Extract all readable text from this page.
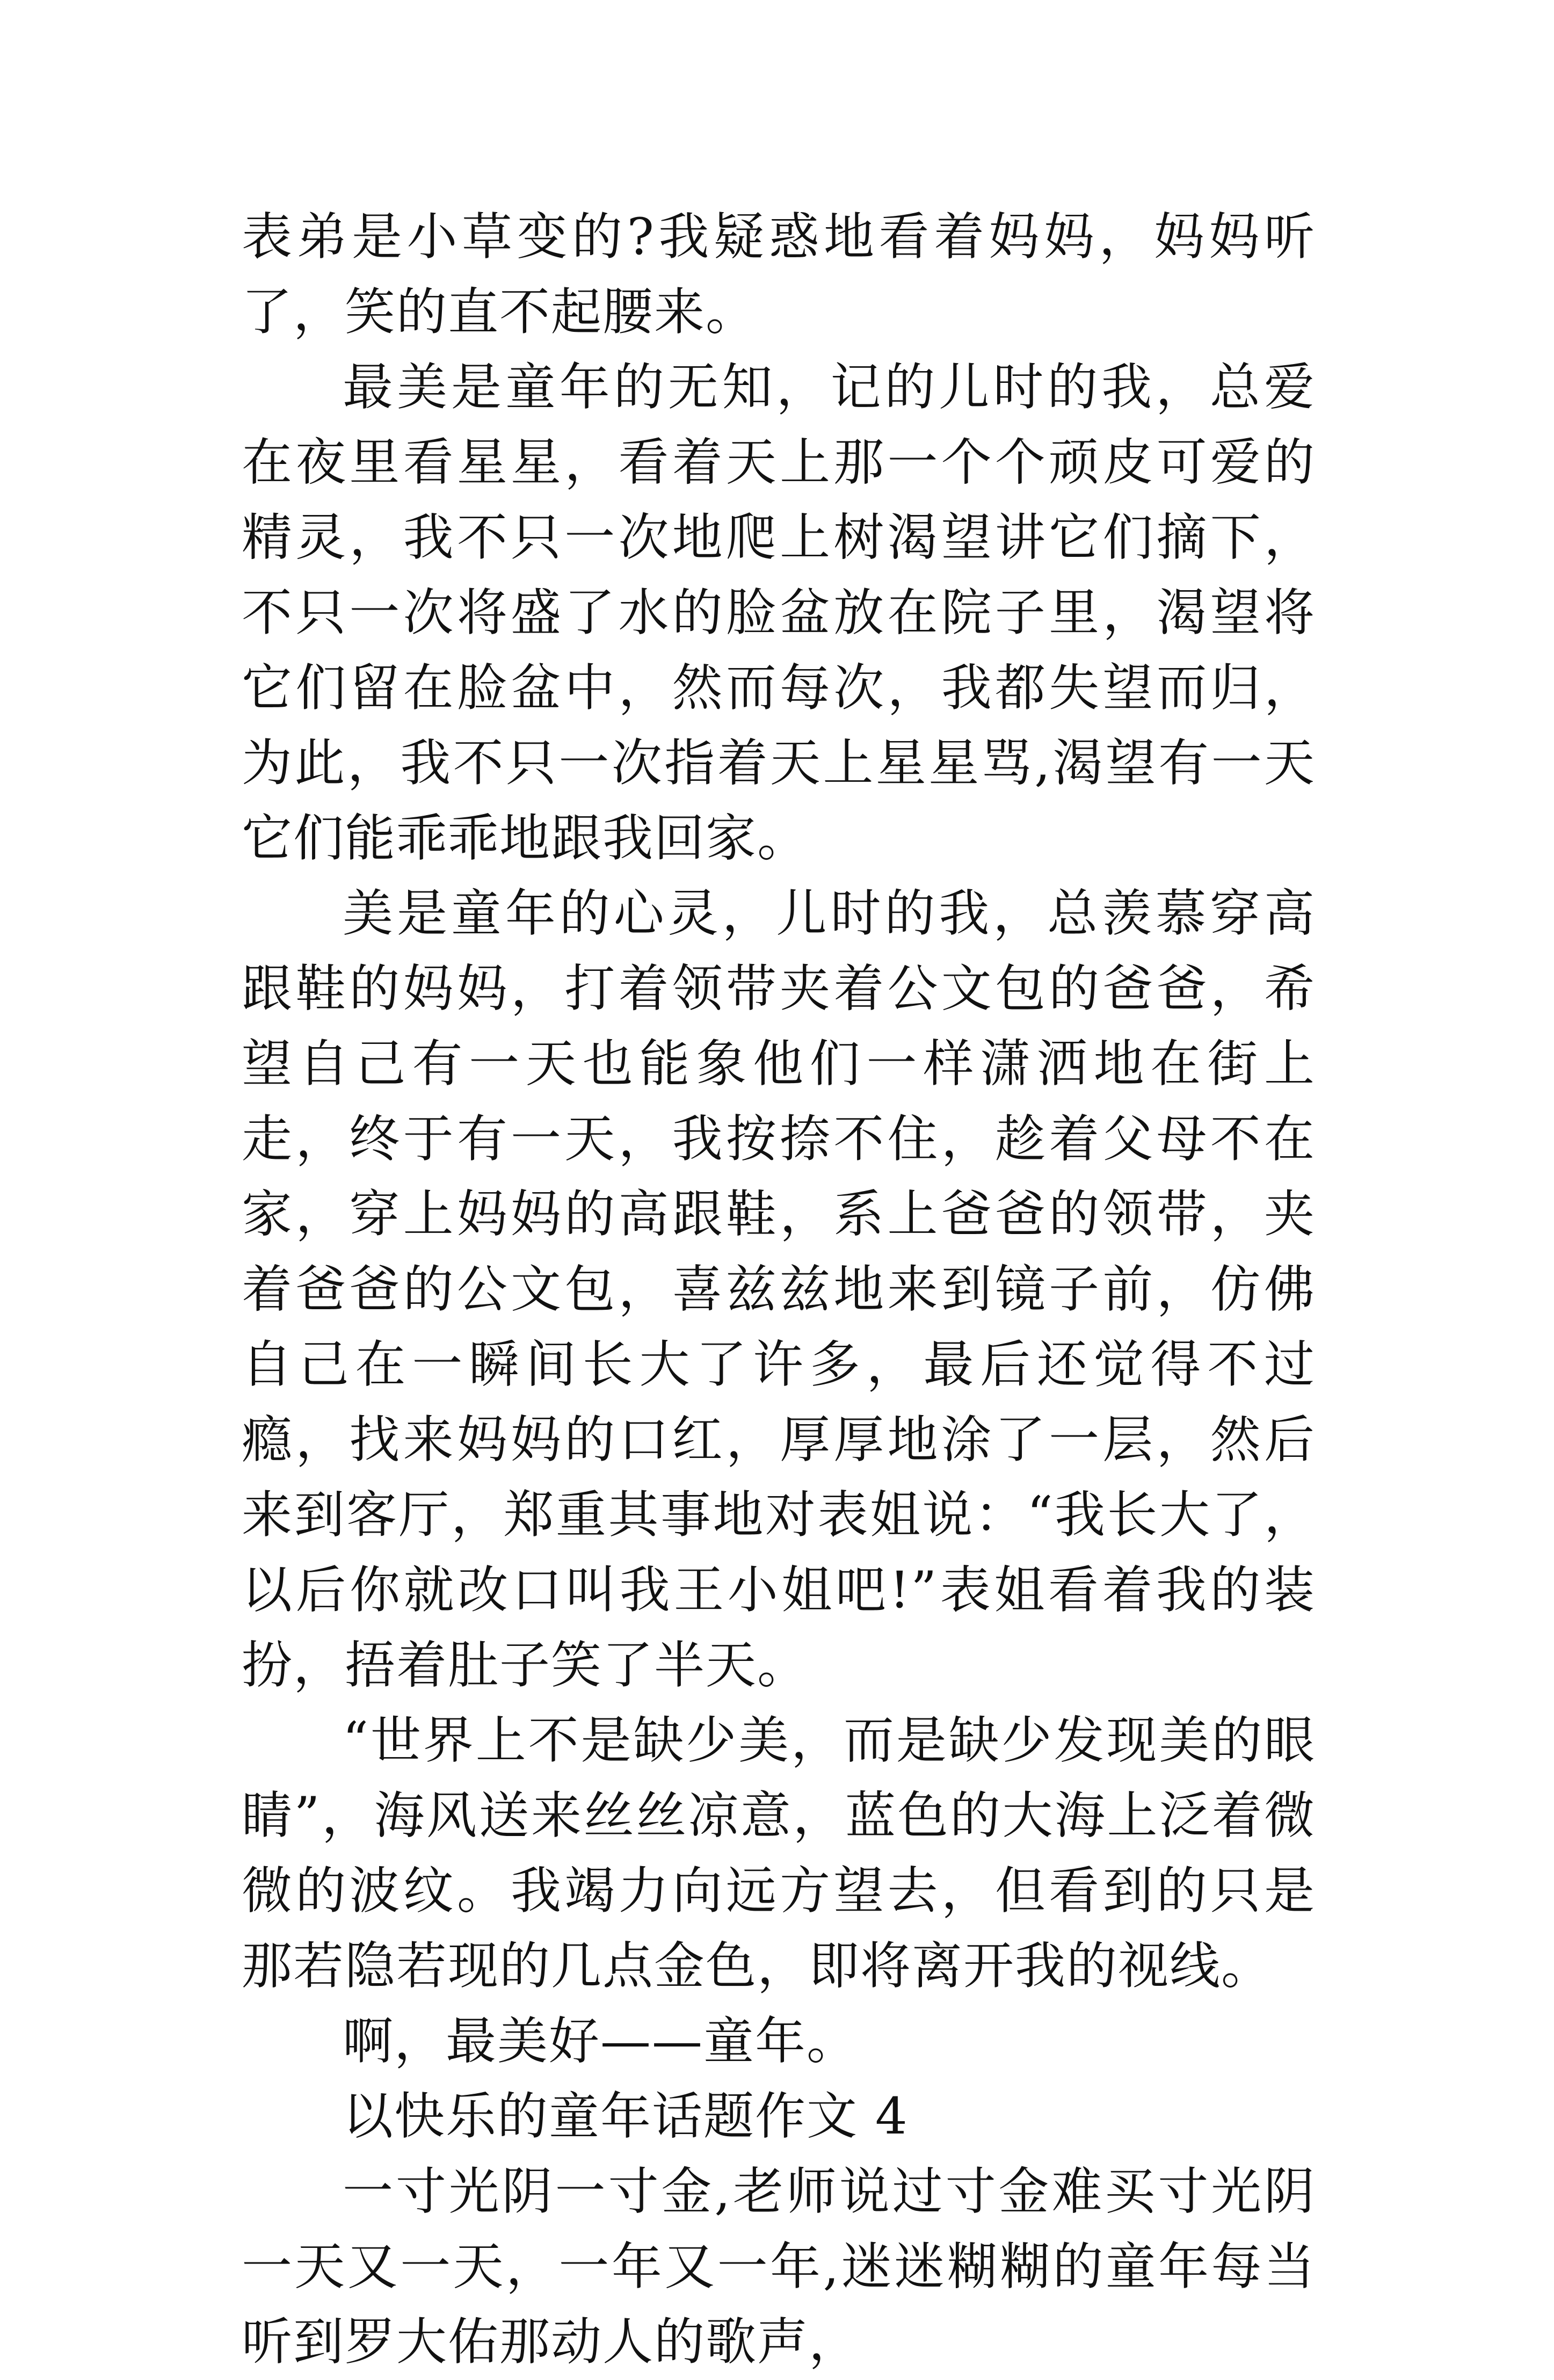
表弟是小草变的?我疑惑地看着妈妈，妈妈听了，笑的直不起腰来。

最美是童年的无知，记的儿时的我，总爱在夜里看星星，看着天上那一个个顽皮可爱的精灵，我不只一次地爬上树渴望讲它们摘下，不只一次将盛了水的脸盆放在院子里，渴望将它们留在脸盆中，然而每次，我都失望而归，为此，我不只一次指着天上星星骂,渴望有一天它们能乖乖地跟我回家。

美是童年的心灵，儿时的我，总羡慕穿高跟鞋的妈妈，打着领带夹着公文包的爸爸，希望自己有一天也能象他们一样潇洒地在街上走，终于有一天，我按捺不住，趁着父母不在家，穿上妈妈的高跟鞋，系上爸爸的领带，夹着爸爸的公文包，喜兹兹地来到镜子前，仿佛自己在一瞬间长大了许多，最后还觉得不过瘾，找来妈妈的口红，厚厚地涂了一层，然后来到客厅，郑重其事地对表姐说：“我长大了，以后你就改口叫我王小姐吧!”表姐看着我的装扮，捂着肚子笑了半天。

“世界上不是缺少美，而是缺少发现美的眼睛”，海风送来丝丝凉意，蓝色的大海上泛着微微的波纹。我竭力向远方望去，但看到的只是那若隐若现的几点金色，即将离开我的视线。

啊，最美好——童年。

以快乐的童年话题作文 4

一寸光阴一寸金,老师说过寸金难买寸光阴一天又一天，一年又一年,迷迷糊糊的童年每当听到罗大佑那动人的歌声，
